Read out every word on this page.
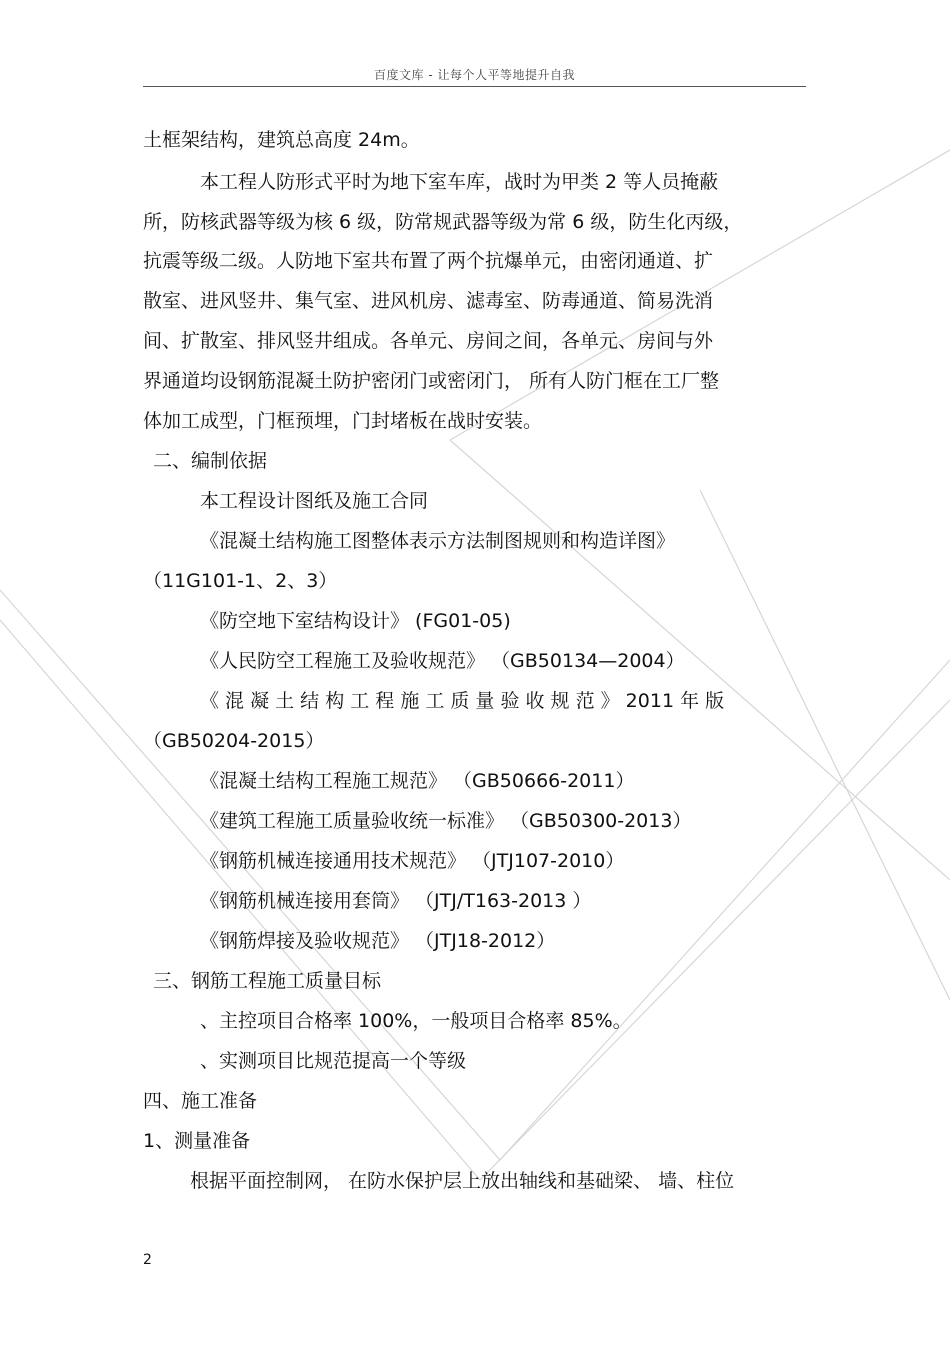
百度文库 - 让每个人平等地提升自我
土框架结构，建筑总高度 24m。
本工程人防形式平时为地下室车库，战时为甲类 2 等人员掩蔽
所，防核武器等级为核 6 级，防常规武器等级为常 6 级，防生化丙级，
抗震等级二级。人防地下室共布置了两个抗爆单元，由密闭通道、扩
散室、进风竖井、集气室、进风机房、滤毒室、防毒通道、简易洗消
间、扩散室、排风竖井组成。各单元、房间之间，各单元、房间与外
界通道均设钢筋混凝土防护密闭门或密闭门， 所有人防门框在工厂整
体加工成型，门框预埋，门封堵板在战时安装。
二、编制依据
本工程设计图纸及施工合同
《混凝土结构施工图整体表示方法制图规则和构造详图》
（11G101-1、2、3）
《防空地下室结构设计》 (FG01-05)
《人民防空工程施工及验收规范》 （GB50134—2004）
《 混 凝 土 结 构 工 程 施 工 质 量 验 收 规 范 》 2011 年 版
（GB50204-2015）
《混凝土结构工程施工规范》 （GB50666-2011）
《建筑工程施工质量验收统一标准》 （GB50300-2013）
《钢筋机械连接通用技术规范》 （JTJ107-2010）
《钢筋机械连接用套筒》 （JTJ/T163-2013 ）
《钢筋焊接及验收规范》 （JTJ18-2012）
三、钢筋工程施工质量目标
、主控项目合格率 100%，一般项目合格率 85%。
、实测项目比规范提高一个等级
四、施工准备
1、测量准备
根据平面控制网， 在防水保护层上放出轴线和基础梁、 墙、柱位
2
